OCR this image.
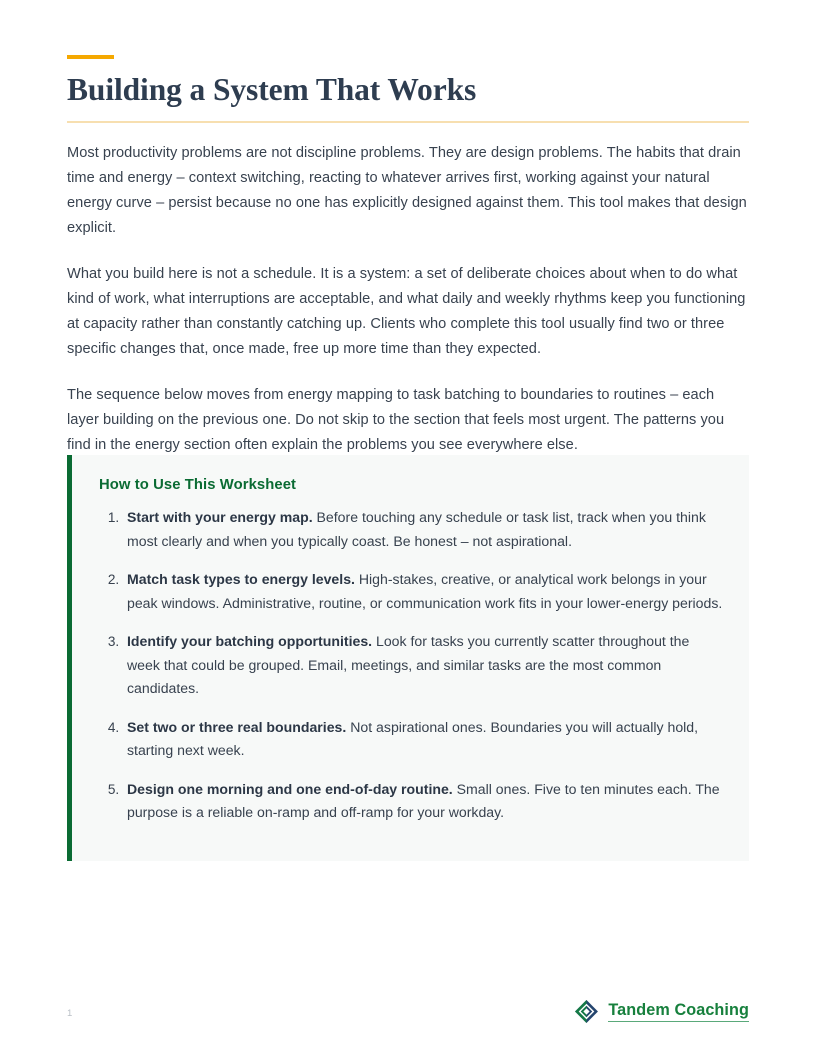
Building a System That Works

Most productivity problems are not discipline problems. They are design problems. The habits that drain time and energy – context switching, reacting to whatever arrives first, working against your natural energy curve – persist because no one has explicitly designed against them. This tool makes that design explicit.

What you build here is not a schedule. It is a system: a set of deliberate choices about when to do what kind of work, what interruptions are acceptable, and what daily and weekly rhythms keep you functioning at capacity rather than constantly catching up. Clients who complete this tool usually find two or three specific changes that, once made, free up more time than they expected.

The sequence below moves from energy mapping to task batching to boundaries to routines – each layer building on the previous one. Do not skip to the section that feels most urgent. The patterns you find in the energy section often explain the problems you see everywhere else.

How to Use This Worksheet
1. Start with your energy map. Before touching any schedule or task list, track when you think most clearly and when you typically coast. Be honest – not aspirational.
2. Match task types to energy levels. High-stakes, creative, or analytical work belongs in your peak windows. Administrative, routine, or communication work fits in your lower-energy periods.
3. Identify your batching opportunities. Look for tasks you currently scatter throughout the week that could be grouped. Email, meetings, and similar tasks are the most common candidates.
4. Set two or three real boundaries. Not aspirational ones. Boundaries you will actually hold, starting next week.
5. Design one morning and one end-of-day routine. Small ones. Five to ten minutes each. The purpose is a reliable on-ramp and off-ramp for your workday.
1	Tandem Coaching
